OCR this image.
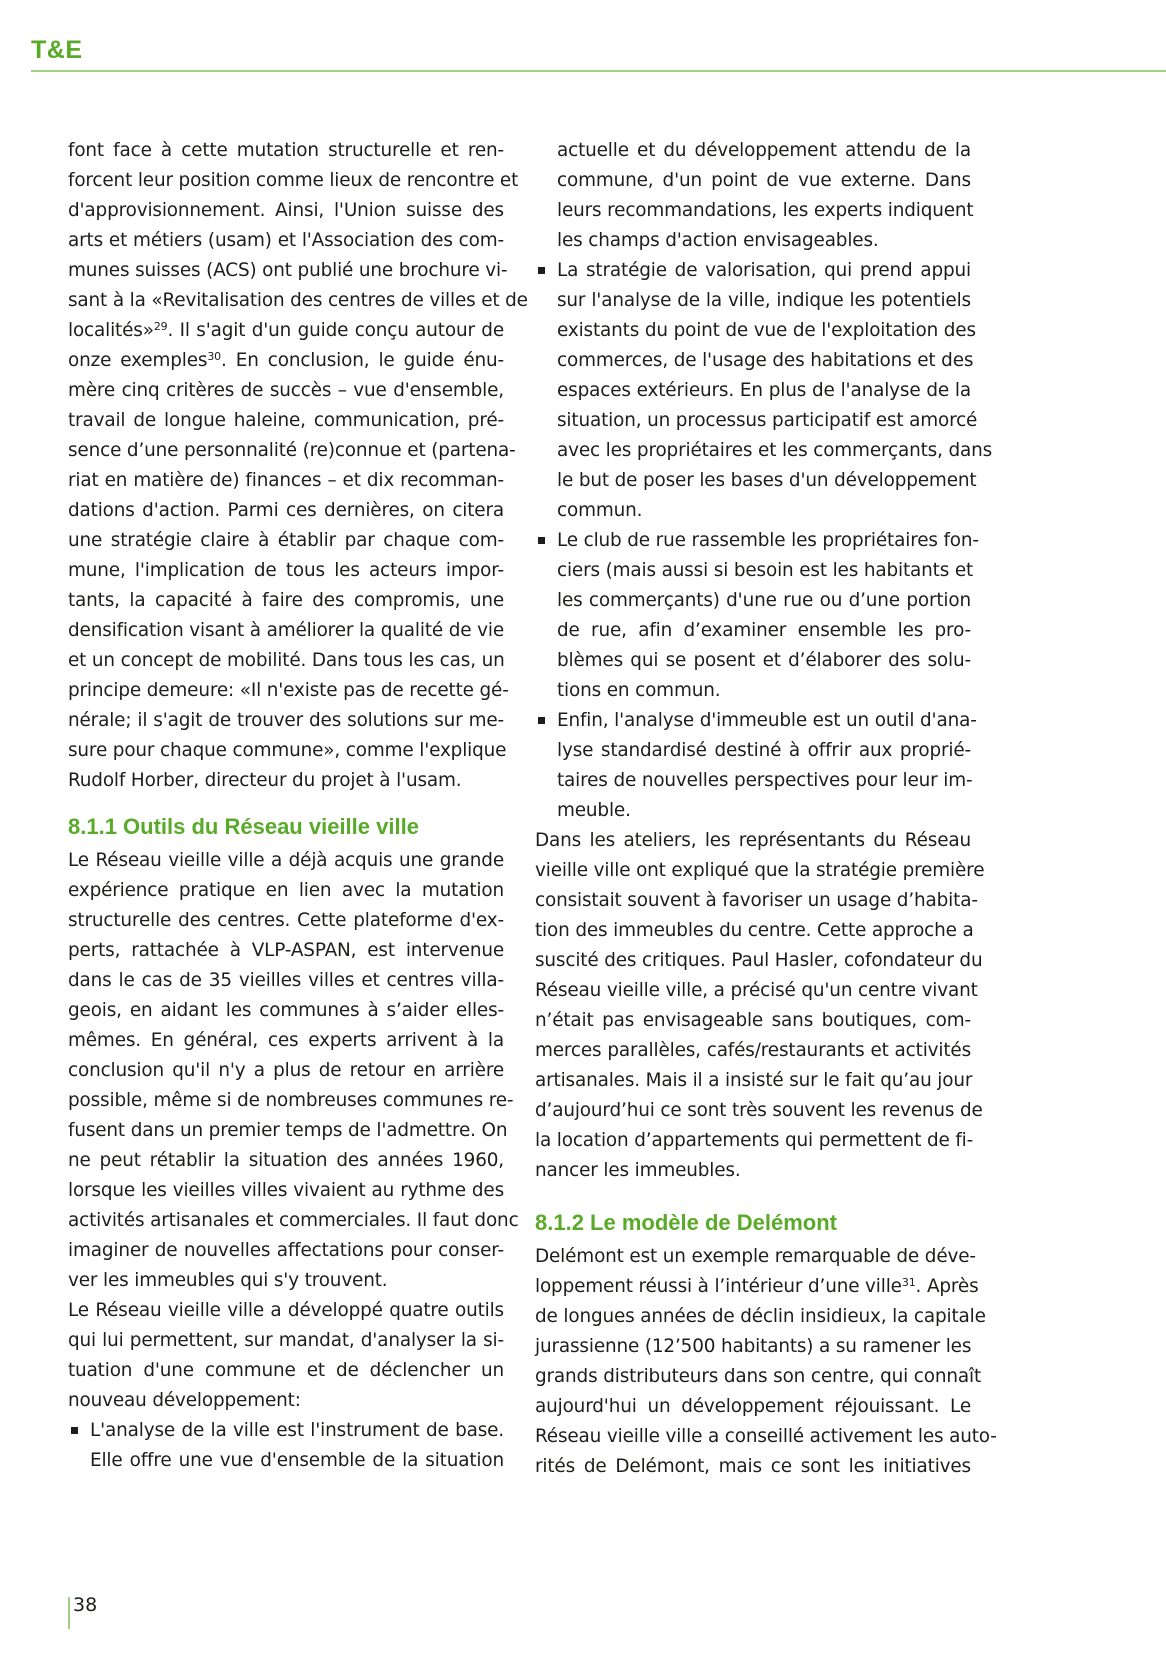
T&E

font face à cette mutation structurelle et ren-
forcent leur position comme lieux de rencontre et
d'approvisionnement. Ainsi, l'Union suisse des
arts et métiers (usam) et l'Association des com-
munes suisses (ACS) ont publié une brochure vi-
sant à la «Revitalisation des centres de villes et de
localités»$^{29}$. Il s'agit d'un guide conçu autour de
onze exemples$^{30}$. En conclusion, le guide énu-
mère cinq critères de succès – vue d'ensemble,
travail de longue haleine, communication, pré-
sence d’une personnalité (re)connue et (partena-
riat en matière de) finances – et dix recomman-
dations d'action. Parmi ces dernières, on citera
une stratégie claire à établir par chaque com-
mune, l'implication de tous les acteurs impor-
tants, la capacité à faire des compromis, une
densification visant à améliorer la qualité de vie
et un concept de mobilité. Dans tous les cas, un
principe demeure: «Il n'existe pas de recette gé-
nérale; il s'agit de trouver des solutions sur me-
sure pour chaque commune», comme l'explique
Rudolf Horber, directeur du projet à l'usam.

8.1.1 Outils du Réseau vieille ville

Le Réseau vieille ville a déjà acquis une grande
expérience pratique en lien avec la mutation
structurelle des centres. Cette plateforme d'ex-
perts, rattachée à VLP-ASPAN, est intervenue
dans le cas de 35 vieilles villes et centres villa-
geois, en aidant les communes à s’aider elles-
mêmes. En général, ces experts arrivent à la
conclusion qu'il n'y a plus de retour en arrière
possible, même si de nombreuses communes re-
fusent dans un premier temps de l'admettre. On
ne peut rétablir la situation des années 1960,
lorsque les vieilles villes vivaient au rythme des
activités artisanales et commerciales. Il faut donc
imaginer de nouvelles affectations pour conser-
ver les immeubles qui s'y trouvent.

Le Réseau vieille ville a développé quatre outils
qui lui permettent, sur mandat, d'analyser la si-
tuation d'une commune et de déclencher un
nouveau développement:

L'analyse de la ville est l'instrument de base.
Elle offre une vue d'ensemble de la situation
actuelle et du développement attendu de la
commune, d'un point de vue externe. Dans
leurs recommandations, les experts indiquent
les champs d'action envisageables.
La stratégie de valorisation, qui prend appui
sur l'analyse de la ville, indique les potentiels
existants du point de vue de l'exploitation des
commerces, de l'usage des habitations et des
espaces extérieurs. En plus de l'analyse de la
situation, un processus participatif est amorcé
avec les propriétaires et les commerçants, dans
le but de poser les bases d'un développement
commun.
Le club de rue rassemble les propriétaires fon-
ciers (mais aussi si besoin est les habitants et
les commerçants) d'une rue ou d’une portion
de rue, afin d’examiner ensemble les pro-
blèmes qui se posent et d’élaborer des solu-
tions en commun.
Enfin, l'analyse d'immeuble est un outil d'ana-
lyse standardisé destiné à offrir aux proprié-
taires de nouvelles perspectives pour leur im-
meuble.

Dans les ateliers, les représentants du Réseau
vieille ville ont expliqué que la stratégie première
consistait souvent à favoriser un usage d’habita-
tion des immeubles du centre. Cette approche a
suscité des critiques. Paul Hasler, cofondateur du
Réseau vieille ville, a précisé qu'un centre vivant
n’était pas envisageable sans boutiques, com-
merces parallèles, cafés/restaurants et activités
artisanales. Mais il a insisté sur le fait qu’au jour
d’aujourd’hui ce sont très souvent les revenus de
la location d’appartements qui permettent de fi-
nancer les immeubles.

8.1.2 Le modèle de Delémont

Delémont est un exemple remarquable de déve-
loppement réussi à l’intérieur d’une ville$^{31}$. Après
de longues années de déclin insidieux, la capitale
jurassienne (12’500 habitants) a su ramener les
grands distributeurs dans son centre, qui connaît
aujourd'hui un développement réjouissant. Le
Réseau vieille ville a conseillé activement les auto-
rités de Delémont, mais ce sont les initiatives

38
